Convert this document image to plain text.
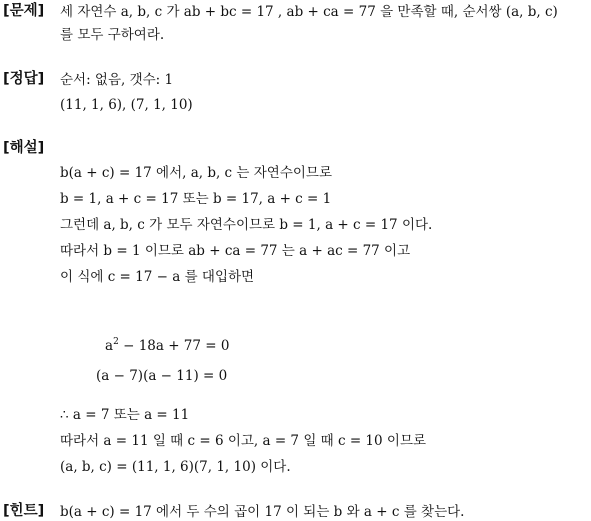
[문제] 세 자연수 a, b, c 가 ab + bc = 17 , ab + ca = 77 을 만족할 때, 순서쌍 (a, b, c)
를 모두 구하여라.
[정답] 순서: 없음, 갯수: 1
(11, 1, 6), (7, 1, 10)
[해설]
b(a + c) = 17 에서, a, b, c 는 자연수이므로
b = 1, a + c = 17 또는 b = 17, a + c = 1
그런데 a, b, c 가 모두 자연수이므로 b = 1, a + c = 17 이다.
따라서 b = 1 이므로 ab + ca = 77 는 a + ac = 77 이고
이 식에 c = 17 − a 를 대입하면
$a^2 - 18a + 77 = 0$
(a − 7)(a − 11) = 0
∴ a = 7 또는 a = 11
따라서 a = 11 일 때 c = 6 이고, a = 7 일 때 c = 10 이므로
(a, b, c) = (11, 1, 6)(7, 1, 10) 이다.
[힌트] b(a + c) = 17 에서 두 수의 곱이 17 이 되는 b 와 a + c 를 찾는다.
